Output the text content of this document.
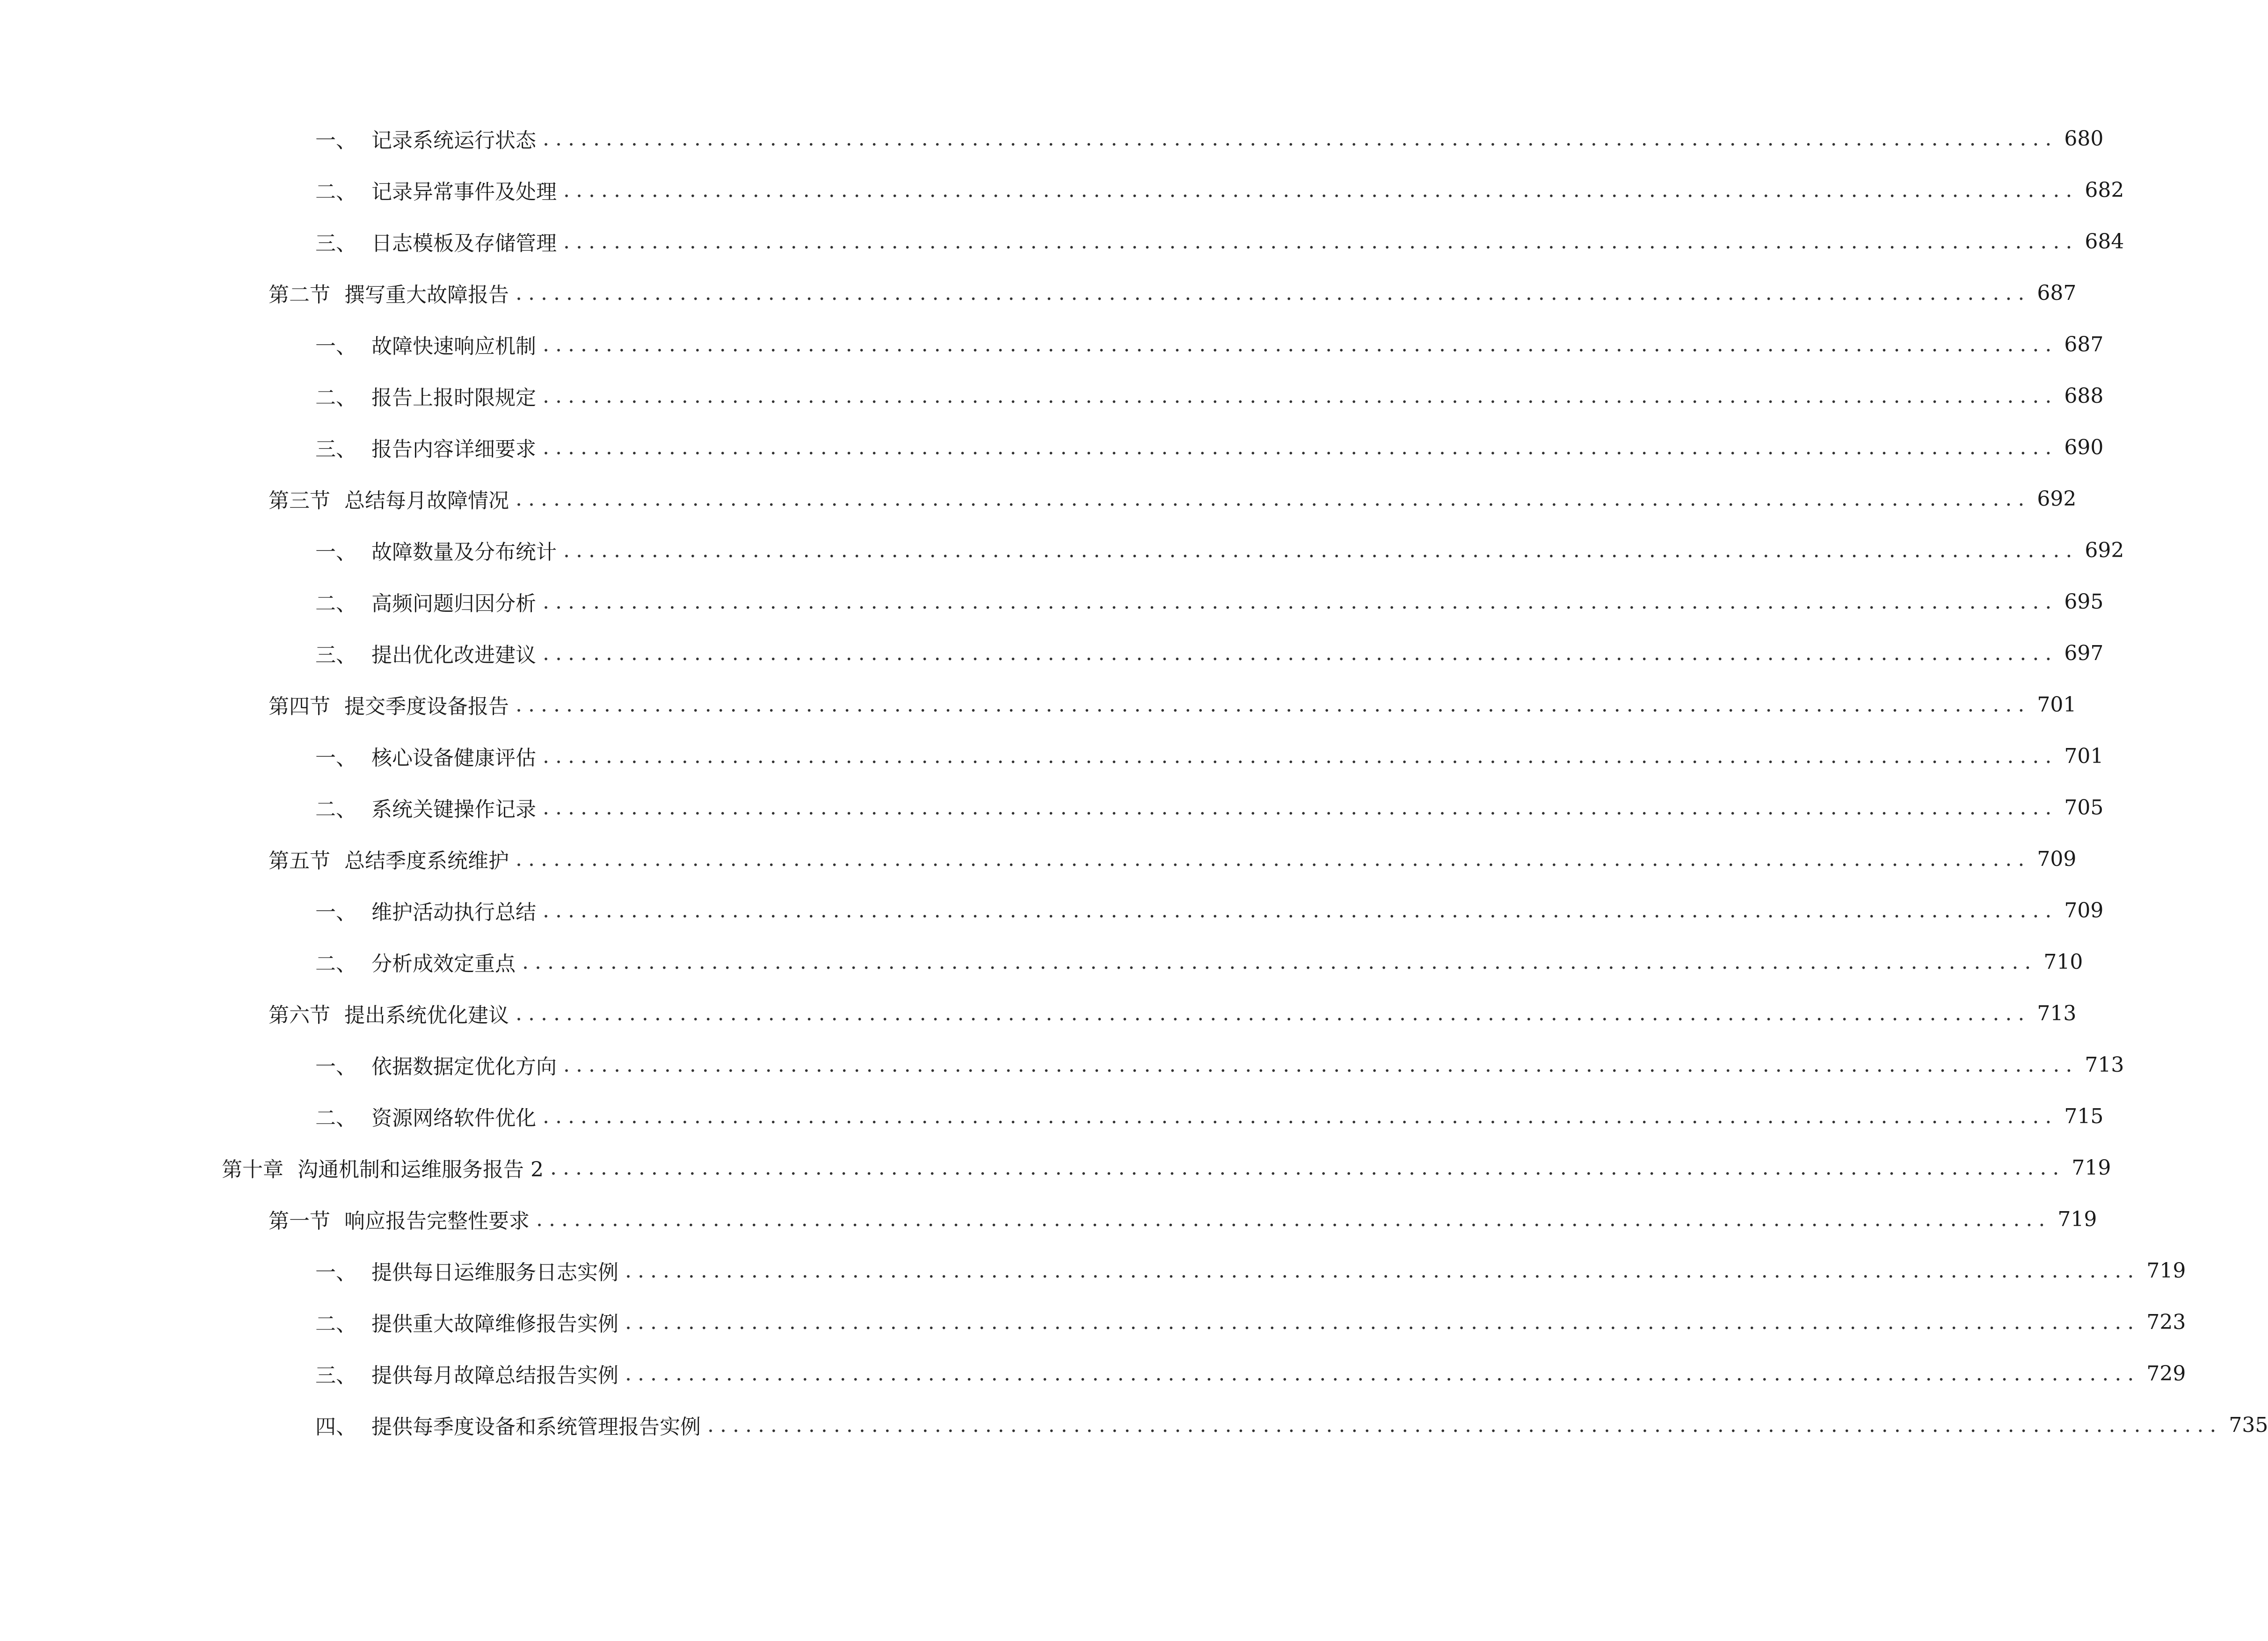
一、 记录系统运行状态 ........................................................................................................................ 680
二、 记录异常事件及处理 ........................................................................................................................ 682
三、 日志模板及存储管理 ........................................................................................................................ 684
第二节 撰写重大故障报告 ........................................................................................................................ 687
一、 故障快速响应机制 ........................................................................................................................ 687
二、 报告上报时限规定 ........................................................................................................................ 688
三、 报告内容详细要求 ........................................................................................................................ 690
第三节 总结每月故障情况 ........................................................................................................................ 692
一、 故障数量及分布统计 ........................................................................................................................ 692
二、 高频问题归因分析 ........................................................................................................................ 695
三、 提出优化改进建议 ........................................................................................................................ 697
第四节 提交季度设备报告 ........................................................................................................................ 701
一、 核心设备健康评估 ........................................................................................................................ 701
二、 系统关键操作记录 ........................................................................................................................ 705
第五节 总结季度系统维护 ........................................................................................................................ 709
一、 维护活动执行总结 ........................................................................................................................ 709
二、 分析成效定重点 ........................................................................................................................ 710
第六节 提出系统优化建议 ........................................................................................................................ 713
一、 依据数据定优化方向 ........................................................................................................................ 713
二、 资源网络软件优化 ........................................................................................................................ 715
第十章 沟通机制和运维服务报告 2 ........................................................................................................................ 719
第一节 响应报告完整性要求 ........................................................................................................................ 719
一、 提供每日运维服务日志实例 ........................................................................................................................ 719
二、 提供重大故障维修报告实例 ........................................................................................................................ 723
三、 提供每月故障总结报告实例 ........................................................................................................................ 729
四、 提供每季度设备和系统管理报告实例 ........................................................................................................................ 735
